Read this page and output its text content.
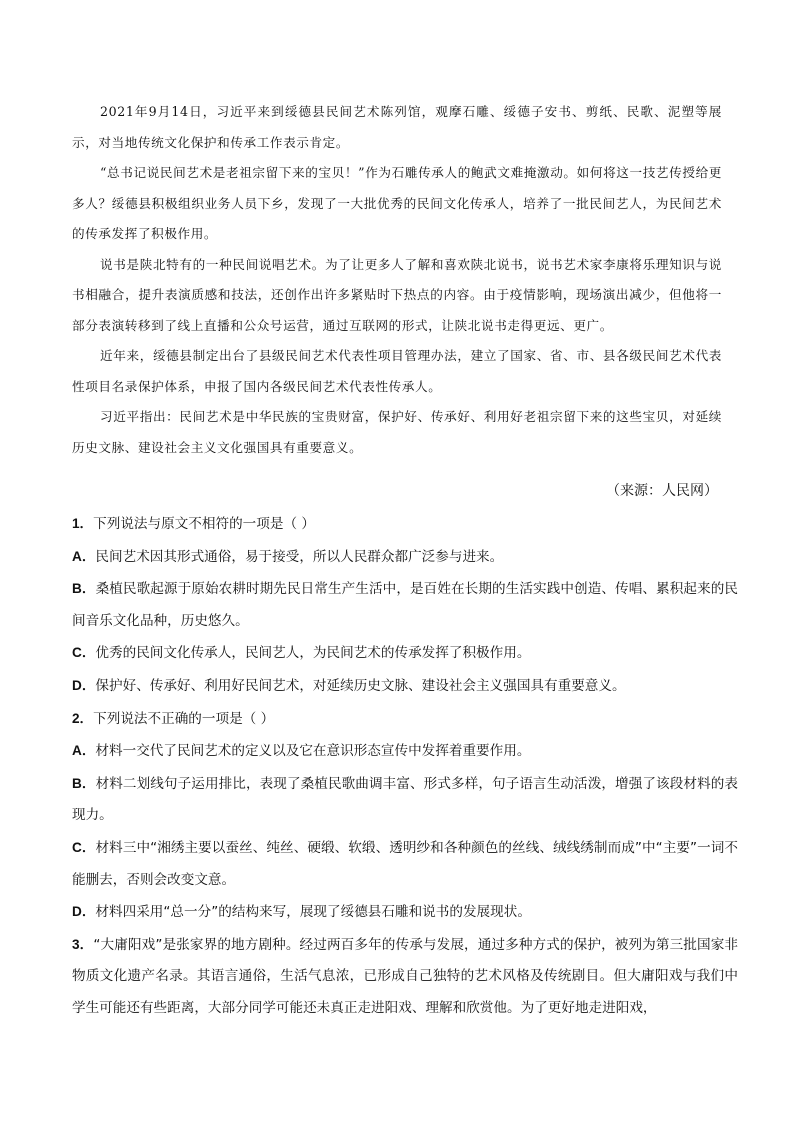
2021年9月14日，习近平来到绥德县民间艺术陈列馆，观摩石雕、绥德子安书、剪纸、民歌、泥塑等展示，对当地传统文化保护和传承工作表示肯定。

“总书记说民间艺术是老祖宗留下来的宝贝！”作为石雕传承人的鲍武文难掩激动。如何将这一技艺传授给更多人？绥德县积极组织业务人员下乡，发现了一大批优秀的民间文化传承人，培养了一批民间艺人，为民间艺术的传承发挥了积极作用。

说书是陕北特有的一种民间说唱艺术。为了让更多人了解和喜欢陕北说书，说书艺术家李康将乐理知识与说书相融合，提升表演质感和技法，还创作出许多紧贴时下热点的内容。由于疫情影响，现场演出减少，但他将一部分表演转移到了线上直播和公众号运营，通过互联网的形式，让陕北说书走得更远、更广。

近年来，绥德县制定出台了县级民间艺术代表性项目管理办法，建立了国家、省、市、县各级民间艺术代表性项目名录保护体系，申报了国内各级民间艺术代表性传承人。

习近平指出：民间艺术是中华民族的宝贵财富，保护好、传承好、利用好老祖宗留下来的这些宝贝，对延续历史文脉、建设社会主义文化强国具有重要意义。

（来源：人民网）

1．下列说法与原文不相符的一项是（ ）

A．民间艺术因其形式通俗，易于接受，所以人民群众都广泛参与进来。

B．桑植民歌起源于原始农耕时期先民日常生产生活中，是百姓在长期的生活实践中创造、传唱、累积起来的民间音乐文化品种，历史悠久。

C．优秀的民间文化传承人，民间艺人，为民间艺术的传承发挥了积极作用。

D．保护好、传承好、利用好民间艺术，对延续历史文脉、建设社会主义强国具有重要意义。

2．下列说法不正确的一项是（ ）

A．材料一交代了民间艺术的定义以及它在意识形态宣传中发挥着重要作用。

B．材料二划线句子运用排比，表现了桑植民歌曲调丰富、形式多样，句子语言生动活泼，增强了该段材料的表现力。

C．材料三中“湘绣主要以蚕丝、纯丝、硬缎、软缎、透明纱和各种颜色的丝线、绒线绣制而成”中“主要”一词不能删去，否则会改变文意。

D．材料四采用“总一分”的结构来写，展现了绥德县石雕和说书的发展现状。

3．“大庸阳戏”是张家界的地方剧种。经过两百多年的传承与发展，通过多种方式的保护，被列为第三批国家非物质文化遗产名录。其语言通俗，生活气息浓，已形成自己独特的艺术风格及传统剧目。但大庸阳戏与我们中学生可能还有些距离，大部分同学可能还未真正走进阳戏、理解和欣赏他。为了更好地走进阳戏，
